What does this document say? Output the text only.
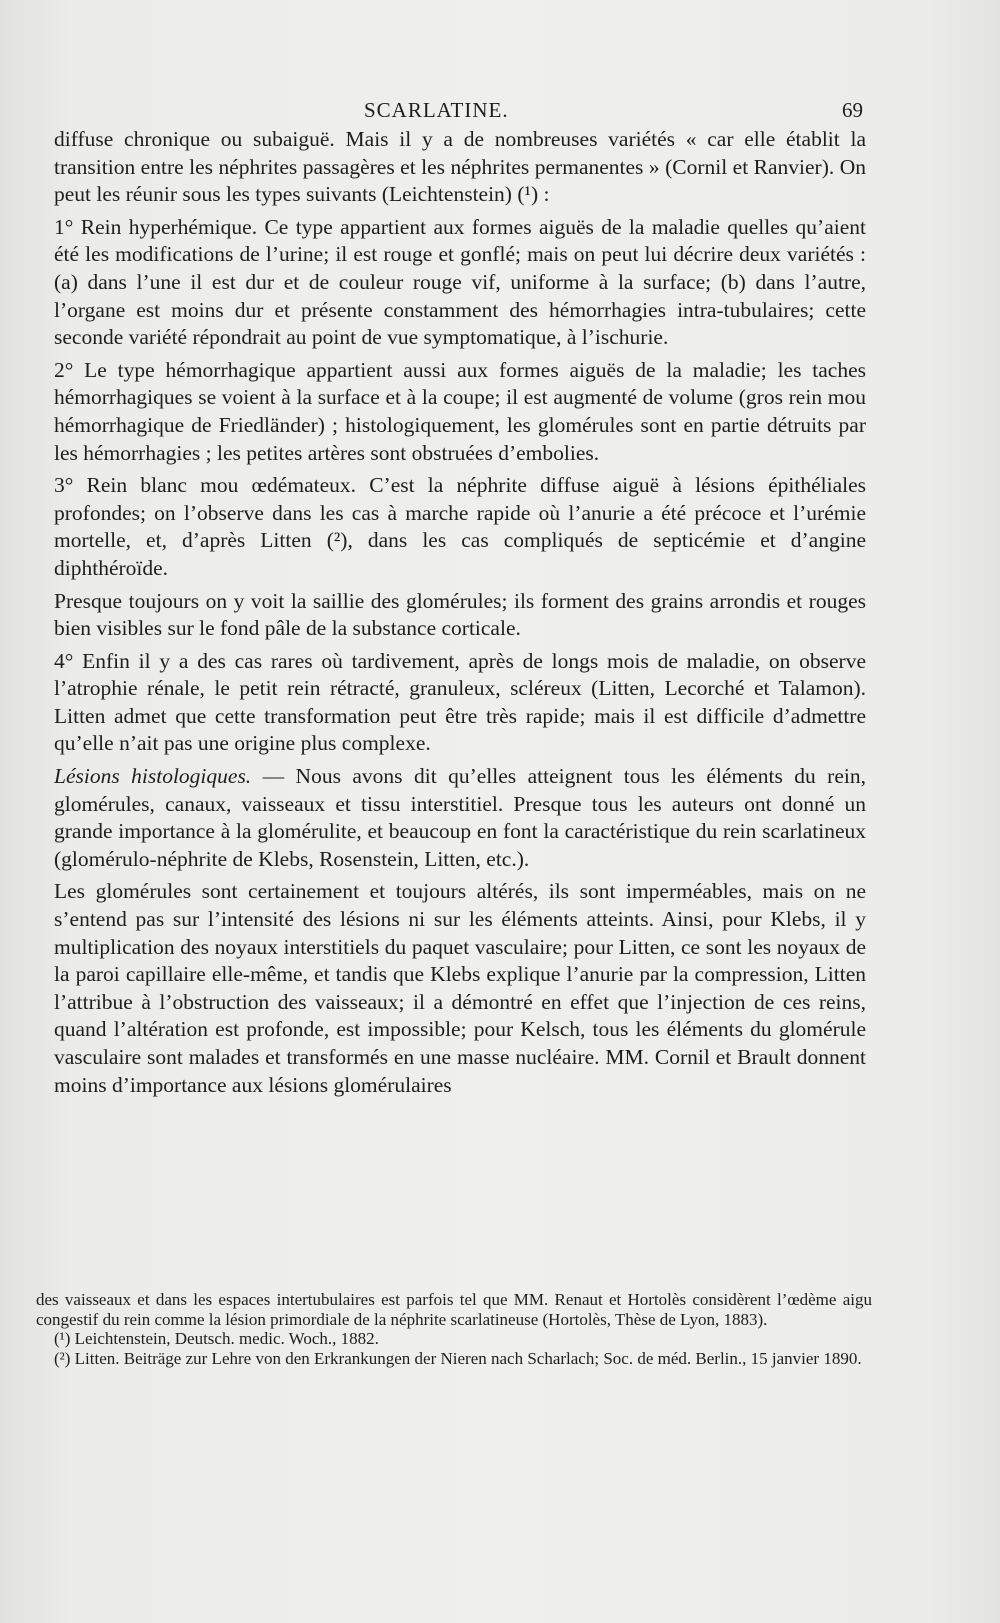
SCARLATINE.	69

diffuse chronique ou subaiguë. Mais il y a de nombreuses variétés « car elle établit la transition entre les néphrites passagères et les néphrites permanentes » (Cornil et Ranvier). On peut les réunir sous les types suivants (Leichtenstein) (¹) :

1° Rein hyperhémique. Ce type appartient aux formes aiguës de la maladie quelles qu’aient été les modifications de l’urine; il est rouge et gonflé; mais on peut lui décrire deux variétés : (a) dans l’une il est dur et de couleur rouge vif, uniforme à la surface; (b) dans l’autre, l’organe est moins dur et présente constamment des hémorrhagies intra-tubulaires; cette seconde variété répondrait au point de vue symptomatique, à l’ischurie.

2° Le type hémorrhagique appartient aussi aux formes aiguës de la maladie; les taches hémorrhagiques se voient à la surface et à la coupe; il est augmenté de volume (gros rein mou hémorrhagique de Friedländer) ; histologiquement, les glomérules sont en partie détruits par les hémorrhagies ; les petites artères sont obstruées d’embolies.

3° Rein blanc mou œdémateux. C’est la néphrite diffuse aiguë à lésions épithéliales profondes; on l’observe dans les cas à marche rapide où l’anurie a été précoce et l’urémie mortelle, et, d’après Litten (²), dans les cas compliqués de septicémie et d’angine diphthéroïde.

Presque toujours on y voit la saillie des glomérules; ils forment des grains arrondis et rouges bien visibles sur le fond pâle de la substance corticale.

4° Enfin il y a des cas rares où tardivement, après de longs mois de maladie, on observe l’atrophie rénale, le petit rein rétracté, granuleux, scléreux (Litten, Lecorché et Talamon). Litten admet que cette transformation peut être très rapide; mais il est difficile d’admettre qu’elle n’ait pas une origine plus complexe.

Lésions histologiques. — Nous avons dit qu’elles atteignent tous les éléments du rein, glomérules, canaux, vaisseaux et tissu interstitiel. Presque tous les auteurs ont donné un grande importance à la glomérulite, et beaucoup en font la caractéristique du rein scarlatineux (glomérulo-néphrite de Klebs, Rosenstein, Litten, etc.).

Les glomérules sont certainement et toujours altérés, ils sont imperméables, mais on ne s’entend pas sur l’intensité des lésions ni sur les éléments atteints. Ainsi, pour Klebs, il y multiplication des noyaux interstitiels du paquet vasculaire; pour Litten, ce sont les noyaux de la paroi capillaire elle-même, et tandis que Klebs explique l’anurie par la compression, Litten l’attribue à l’obstruction des vaisseaux; il a démontré en effet que l’injection de ces reins, quand l’altération est profonde, est impossible; pour Kelsch, tous les éléments du glomérule vasculaire sont malades et transformés en une masse nucléaire. MM. Cornil et Brault donnent moins d’importance aux lésions glomérulaires

des vaisseaux et dans les espaces intertubulaires est parfois tel que MM. Renaut et Hortolès considèrent l’œdème aigu congestif du rein comme la lésion primordiale de la néphrite scarlatineuse (Hortolès, Thèse de Lyon, 1883).

(¹) Leichtenstein, Deutsch. medic. Woch., 1882.

(²) Litten. Beiträge zur Lehre von den Erkrankungen der Nieren nach Scharlach; Soc. de méd. Berlin., 15 janvier 1890.
